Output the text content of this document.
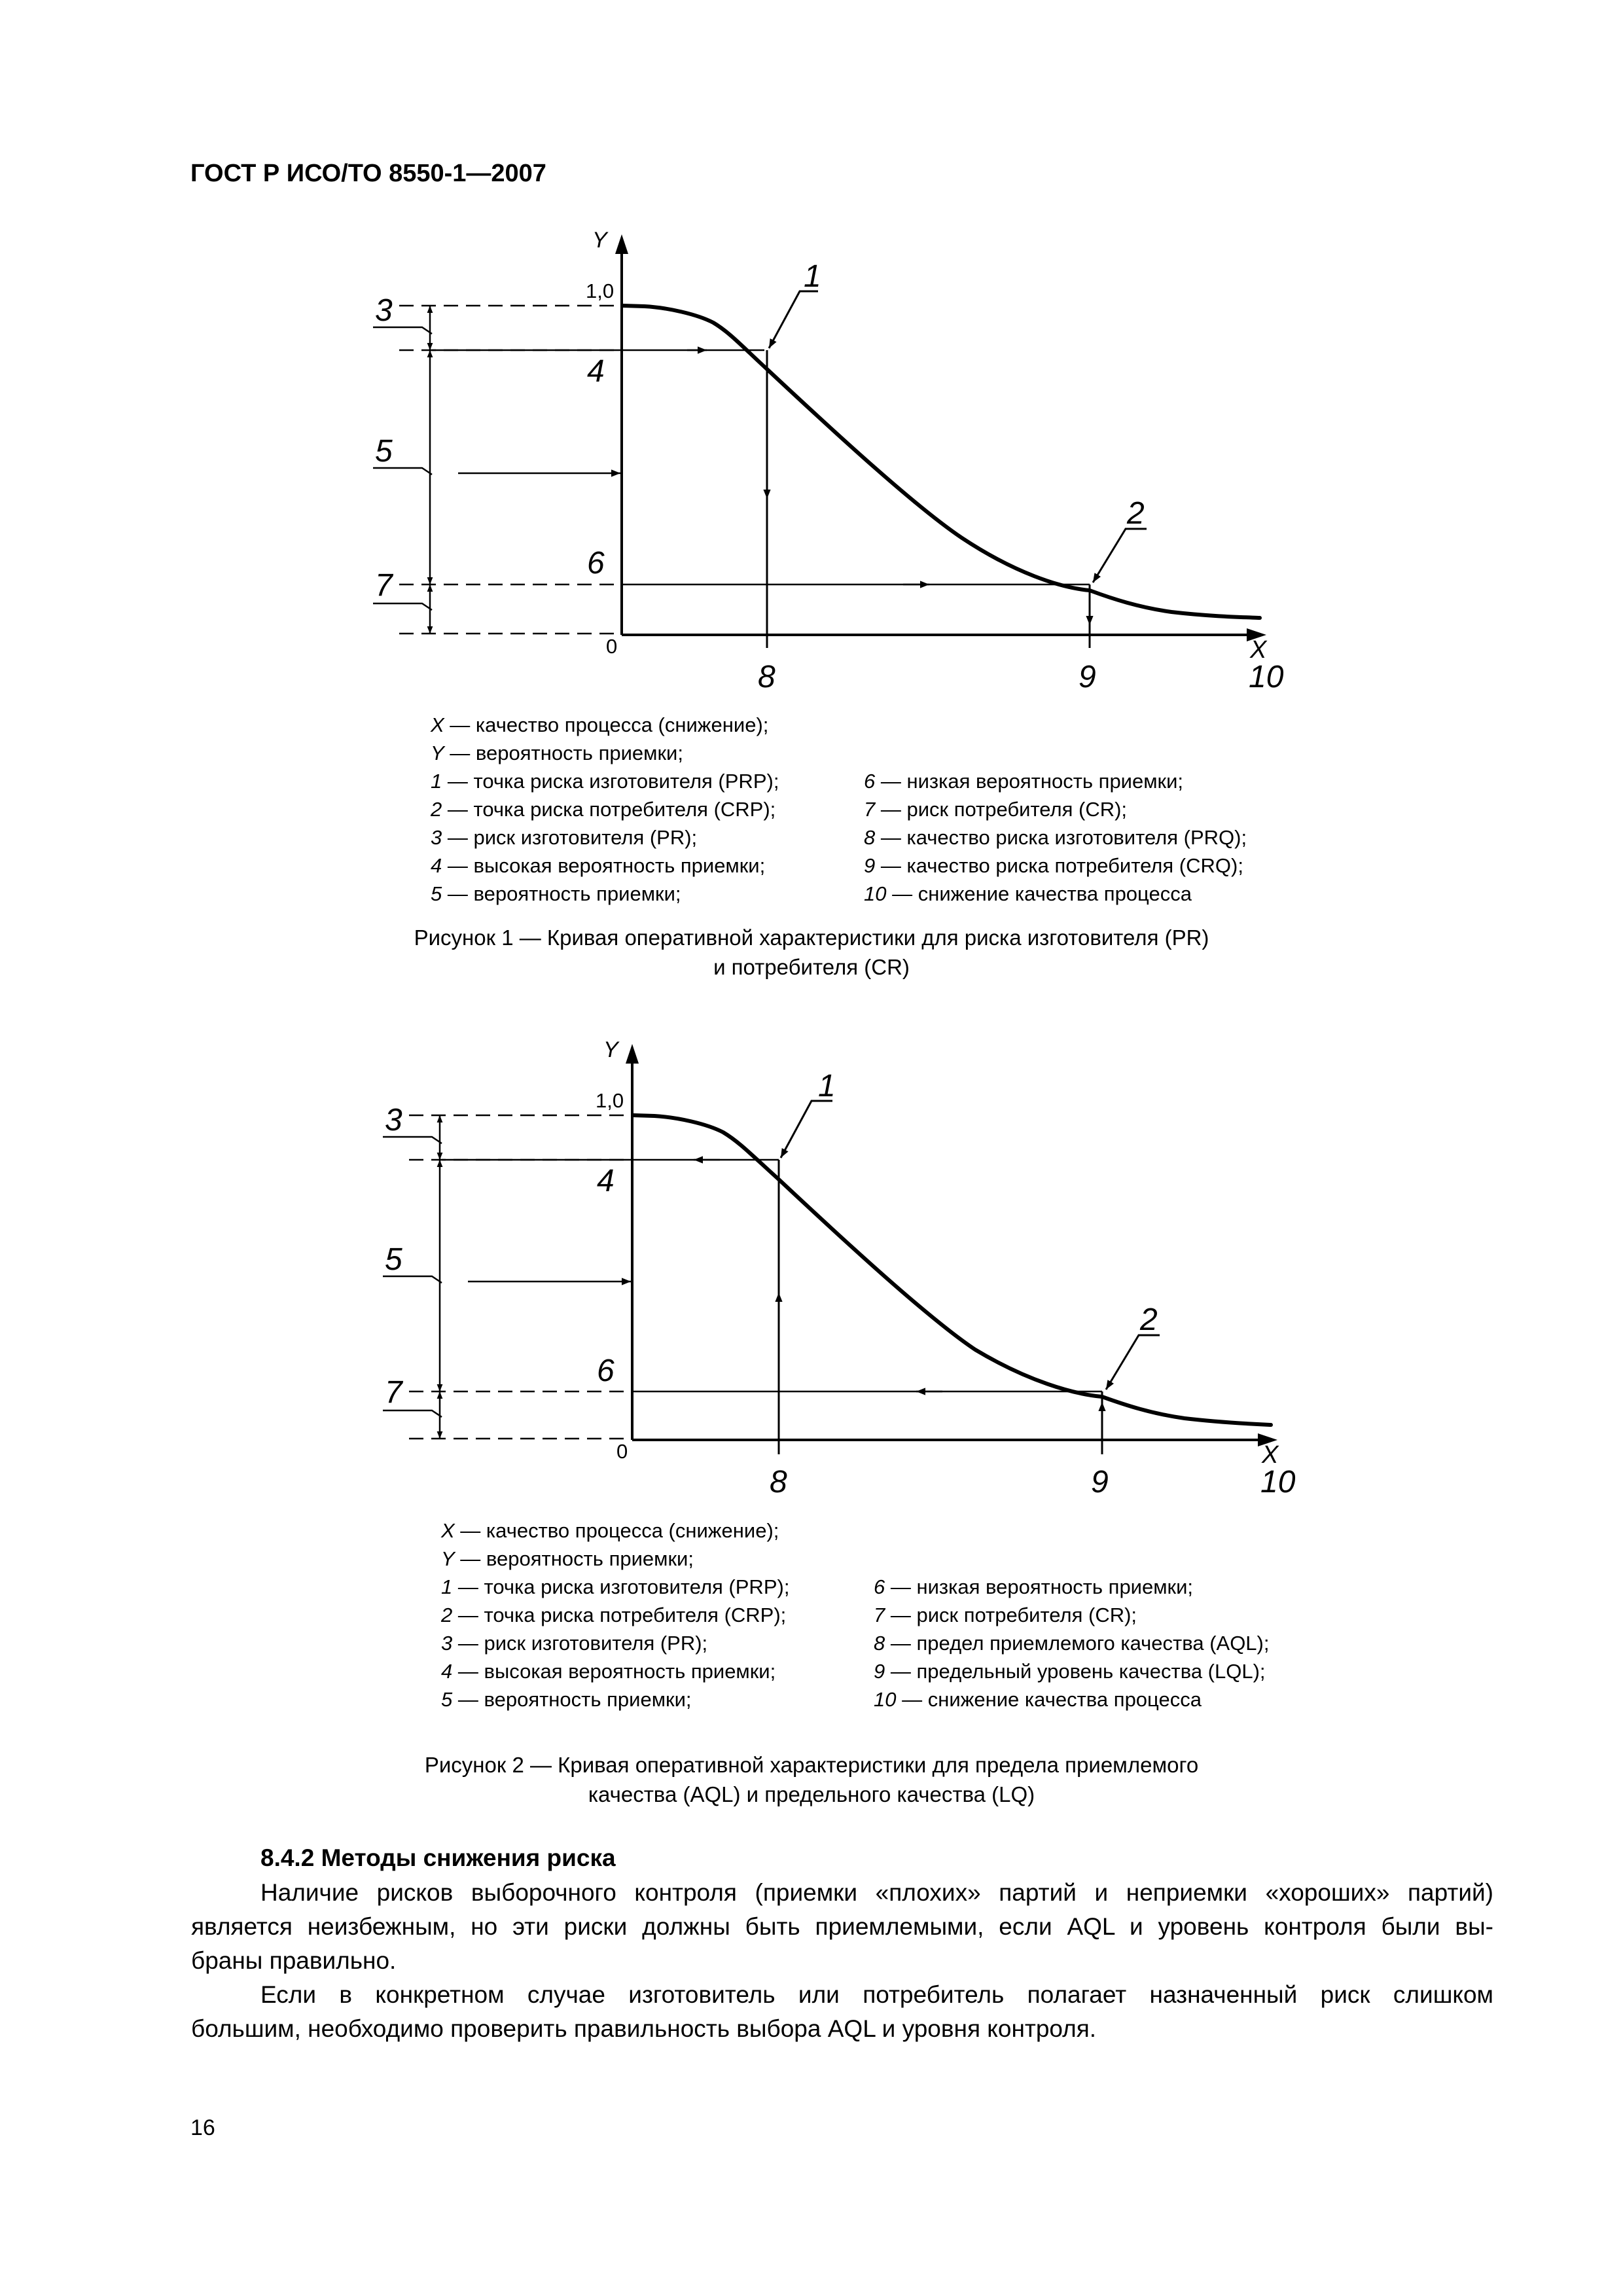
ГОСТ Р ИСО/ТО 8550-1—2007
Y
1,0
0	X
1
2
3
4
5
6
7
8	9	10
X — качество процесса (снижение);
Y — вероятность приемки;
1 — точка риска изготовителя (PRP);
2 — точка риска потребителя (CRP);
3 — риск изготовителя (PR);
4 — высокая вероятность приемки;
5 — вероятность приемки;
6 — низкая вероятность приемки;
7 — риск потребителя (CR);
8 — качество риска изготовителя (PRQ);
9 — качество риска потребителя (CRQ);
10 — снижение качества процесса
Рисунок 1 — Кривая оперативной характеристики для риска изготовителя (PR)
и потребителя (CR)
Y
1,0
0	X
1
2
3
4
5
6
7
8	9	10
X — качество процесса (снижение);
Y — вероятность приемки;
1 — точка риска изготовителя (PRP);
2 — точка риска потребителя (CRP);
3 — риск изготовителя (PR);
4 — высокая вероятность приемки;
5 — вероятность приемки;
6 — низкая вероятность приемки;
7 — риск потребителя (CR);
8 — предел приемлемого качества (AQL);
9 — предельный уровень качества (LQL);
10 — снижение качества процесса
Рисунок 2 — Кривая оперативной характеристики для предела приемлемого
качества (AQL) и предельного качества (LQ)
8.4.2 Методы снижения риска

Наличие рисков выборочного контроля (приемки «плохих» партий и неприемки «хороших» партий)
является неизбежным, но эти риски должны быть приемлемыми, если AQL и уровень контроля были вы-
браны правильно.

Если в конкретном случае изготовитель или потребитель полагает назначенный риск слишком
большим, необходимо проверить правильность выбора AQL и уровня контроля.

16
